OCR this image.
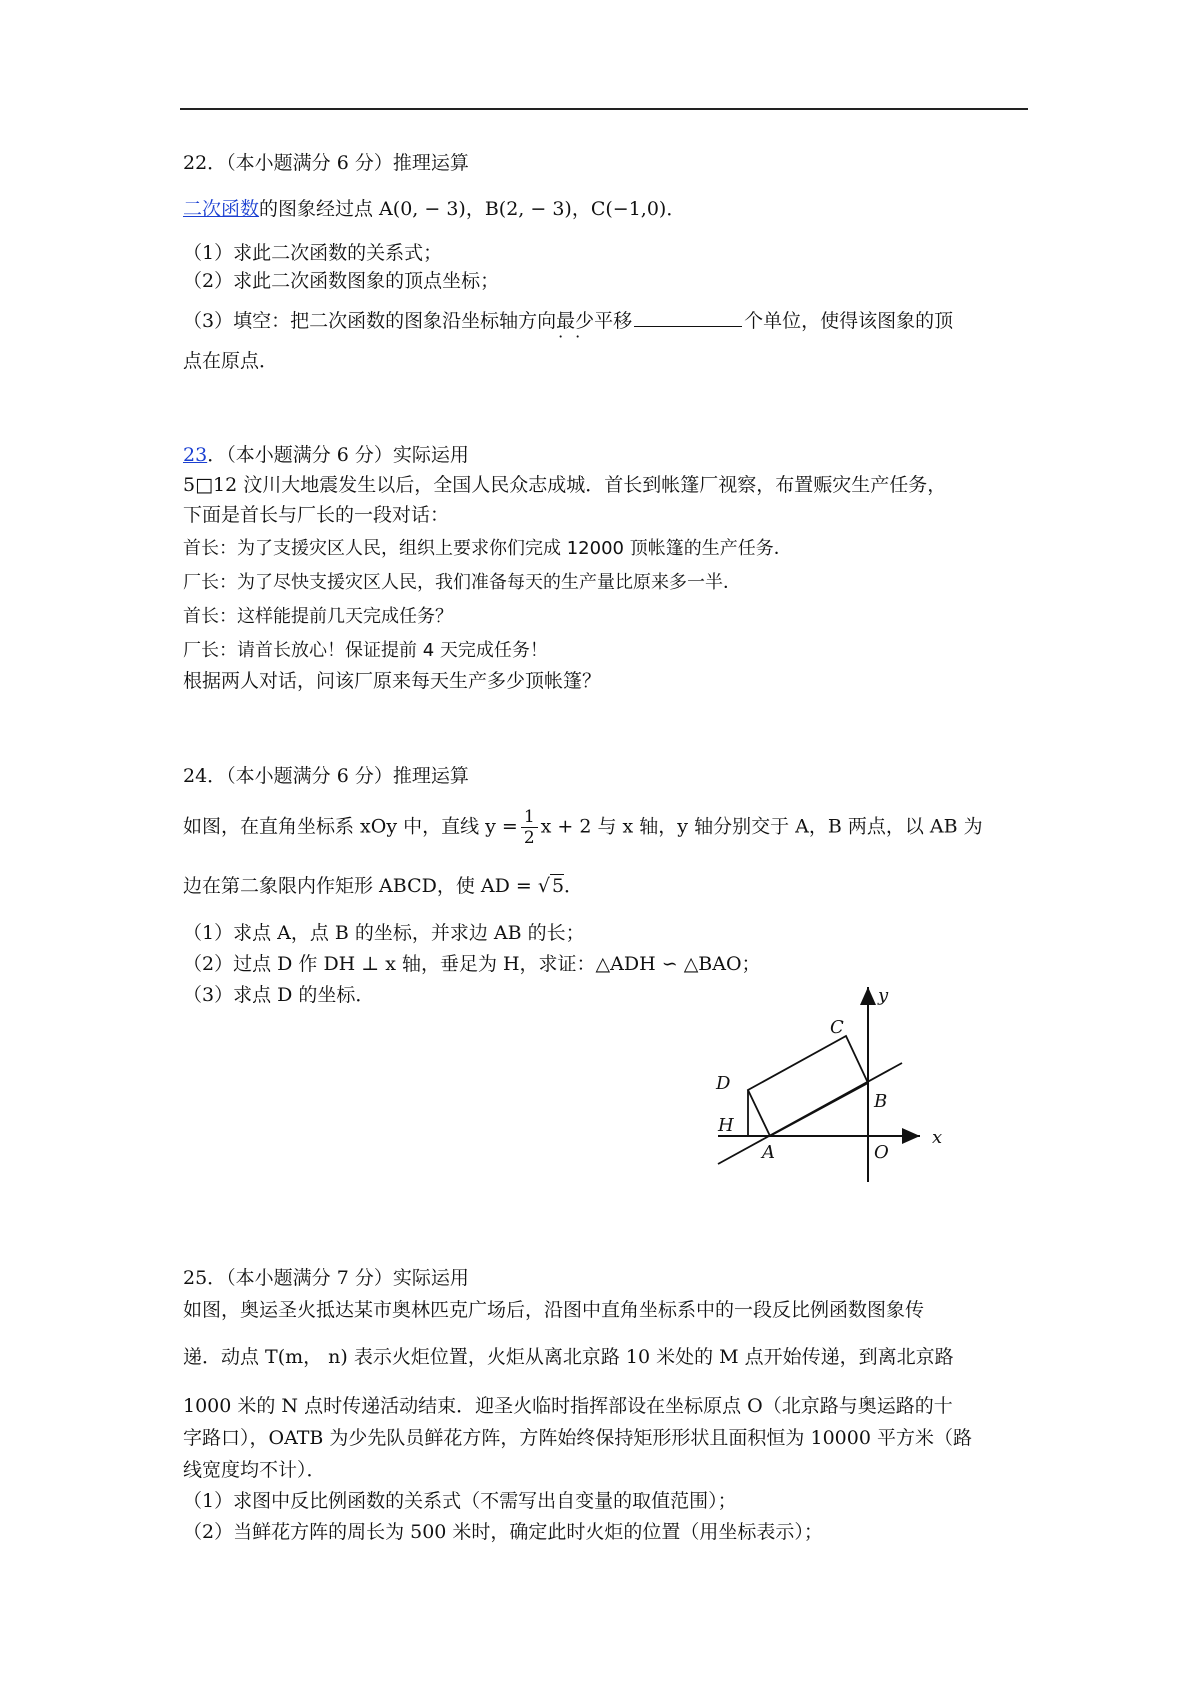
22．（本小题满分 6 分）推理运算
二次函数的图象经过点 A(0, − 3)，B(2, − 3)，C(−1,0)．
（1）求此二次函数的关系式；
（2）求此二次函数图象的顶点坐标；
（3）填空：把二次函数的图象沿坐标轴方向最少 · ·平移	个单位，使得该图象的顶
点在原点．
23．（本小题满分 6 分）实际运用
5□12 汶川大地震发生以后，全国人民众志成城．首长到帐篷厂视察，布置赈灾生产任务，
下面是首长与厂长的一段对话：
首长：为了支援灾区人民，组织上要求你们完成 12000 顶帐篷的生产任务．
厂长：为了尽快支援灾区人民，我们准备每天的生产量比原来多一半．
首长：这样能提前几天完成任务？
厂长：请首长放心！保证提前 4 天完成任务！
根据两人对话，问该厂原来每天生产多少顶帐篷？
24．（本小题满分 6 分）推理运算
如图，在直角坐标系 xOy 中，直线 $y = \frac{1}{2}$ x + 2 与 x 轴，y 轴分别交于 A，B 两点，以 AB 为
边在第二象限内作矩形 ABCD，使 AD = √ 5．
（1）求点 A，点 B 的坐标，并求边 AB 的长；
（2）过点 D 作 DH ⊥ x 轴，垂足为 H，求证：△ADH ∽ △BAO；
（3）求点 D 的坐标．	y
x
C
D
B
H
A	O
25．（本小题满分 7 分）实际运用
如图，奥运圣火抵达某市奥林匹克广场后，沿图中直角坐标系中的一段反比例函数图象传
递．动点 T(m， n) 表示火炬位置，火炬从离北京路 10 米处的 M 点开始传递，到离北京路
1000 米的 N 点时传递活动结束．迎圣火临时指挥部设在坐标原点 O（北京路与奥运路的十
字路口），OATB 为少先队员鲜花方阵，方阵始终保持矩形形状且面积恒为 10000 平方米（路
线宽度均不计）．
（1）求图中反比例函数的关系式（不需写出自变量的取值范围）；
（2）当鲜花方阵的周长为 500 米时，确定此时火炬的位置（用坐标表示）；
